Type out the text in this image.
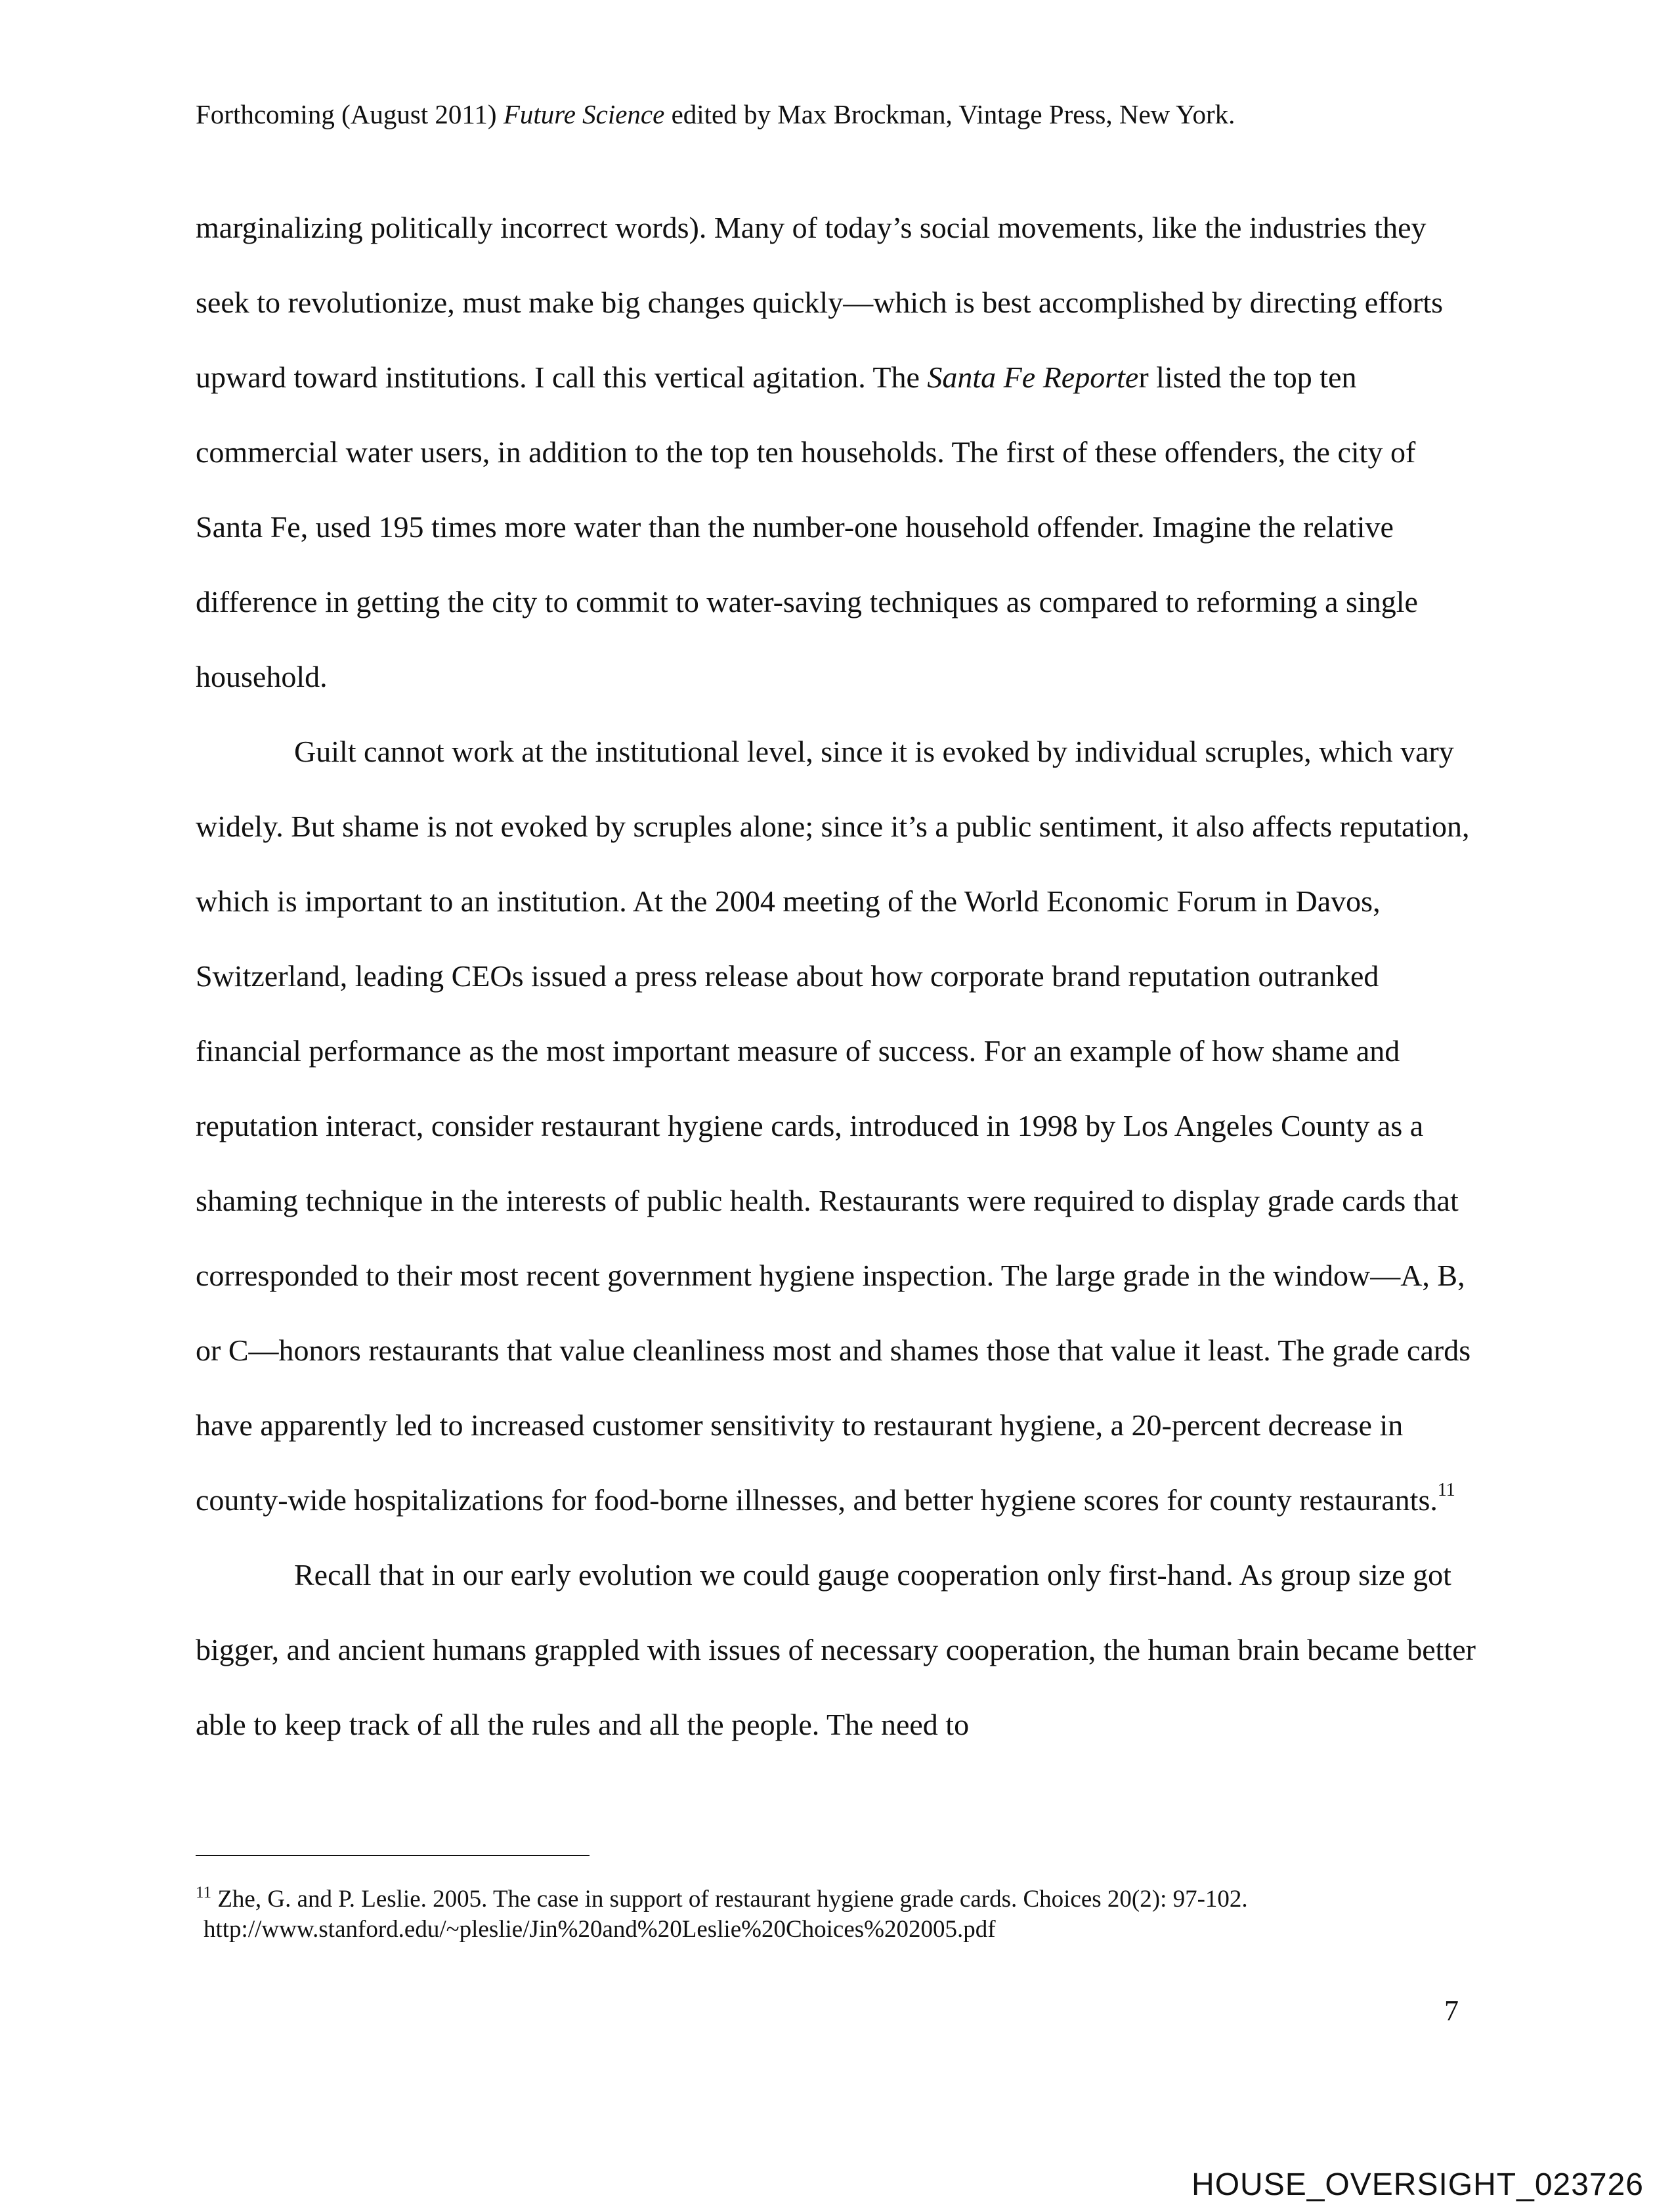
Forthcoming (August 2011) Future Science edited by Max Brockman, Vintage Press, New York.

marginalizing politically incorrect words). Many of today’s social movements, like the industries they seek to revolutionize, must make big changes quickly—which is best accomplished by directing efforts upward toward institutions. I call this vertical agitation. The Santa Fe Reporter listed the top ten commercial water users, in addition to the top ten households. The first of these offenders, the city of Santa Fe, used 195 times more water than the number-one household offender. Imagine the relative difference in getting the city to commit to water-saving techniques as compared to reforming a single household.

Guilt cannot work at the institutional level, since it is evoked by individual scruples, which vary widely. But shame is not evoked by scruples alone; since it’s a public sentiment, it also affects reputation, which is important to an institution. At the 2004 meeting of the World Economic Forum in Davos, Switzerland, leading CEOs issued a press release about how corporate brand reputation outranked financial performance as the most important measure of success. For an example of how shame and reputation interact, consider restaurant hygiene cards, introduced in 1998 by Los Angeles County as a shaming technique in the interests of public health. Restaurants were required to display grade cards that corresponded to their most recent government hygiene inspection. The large grade in the window—A, B, or C—honors restaurants that value cleanliness most and shames those that value it least. The grade cards have apparently led to increased customer sensitivity to restaurant hygiene, a 20-percent decrease in county-wide hospitalizations for food-borne illnesses, and better hygiene scores for county restaurants.$^{11}$

Recall that in our early evolution we could gauge cooperation only first-hand. As group size got bigger, and ancient humans grappled with issues of necessary cooperation, the human brain became better able to keep track of all the rules and all the people. The need to

$^{11}$ Zhe, G. and P. Leslie. 2005. The case in support of restaurant hygiene grade cards. Choices 20(2): 97-102.
http://www.stanford.edu/~pleslie/Jin%20and%20Leslie%20Choices%202005.pdf
7
HOUSE_OVERSIGHT_023726
